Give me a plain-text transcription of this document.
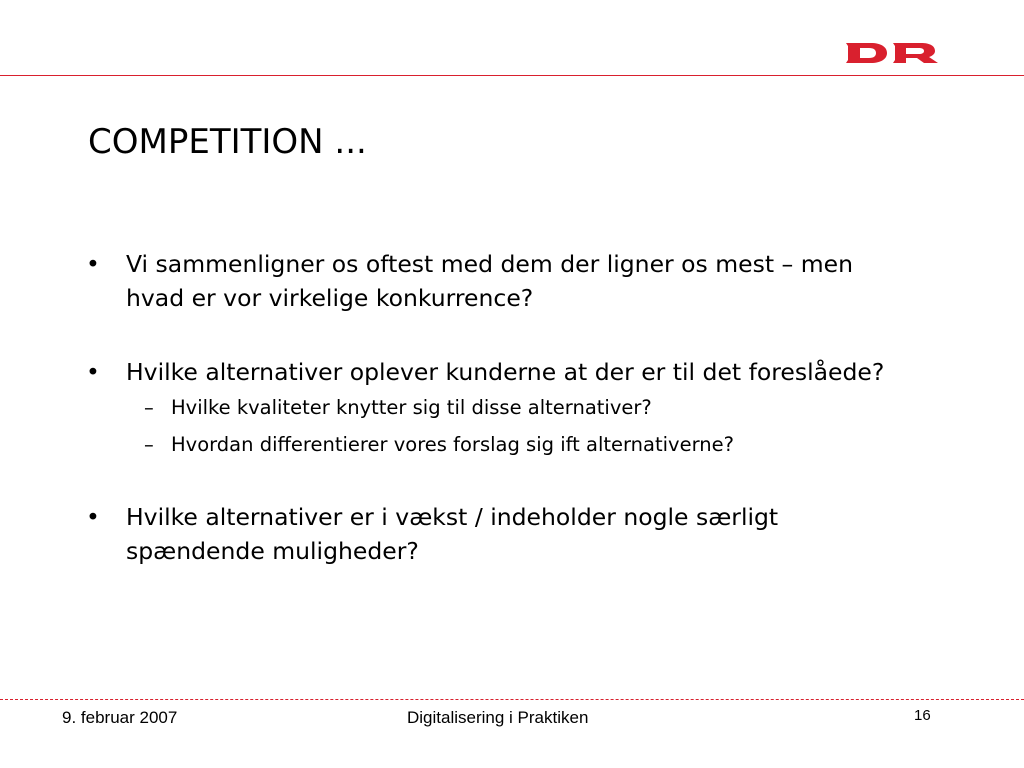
COMPETITION ...
•	Vi sammenligner os oftest med dem der ligner os mest – men hvad er vor virkelige konkurrence?
•	Hvilke alternativer oplever kunderne at der er til det foreslåede?
– Hvilke kvaliteter knytter sig til disse alternativer?
– Hvordan differentierer vores forslag sig ift alternativerne?
•	Hvilke alternativer er i vækst / indeholder nogle særligt spændende muligheder?
9. februar 2007	Digitalisering i Praktiken	16
